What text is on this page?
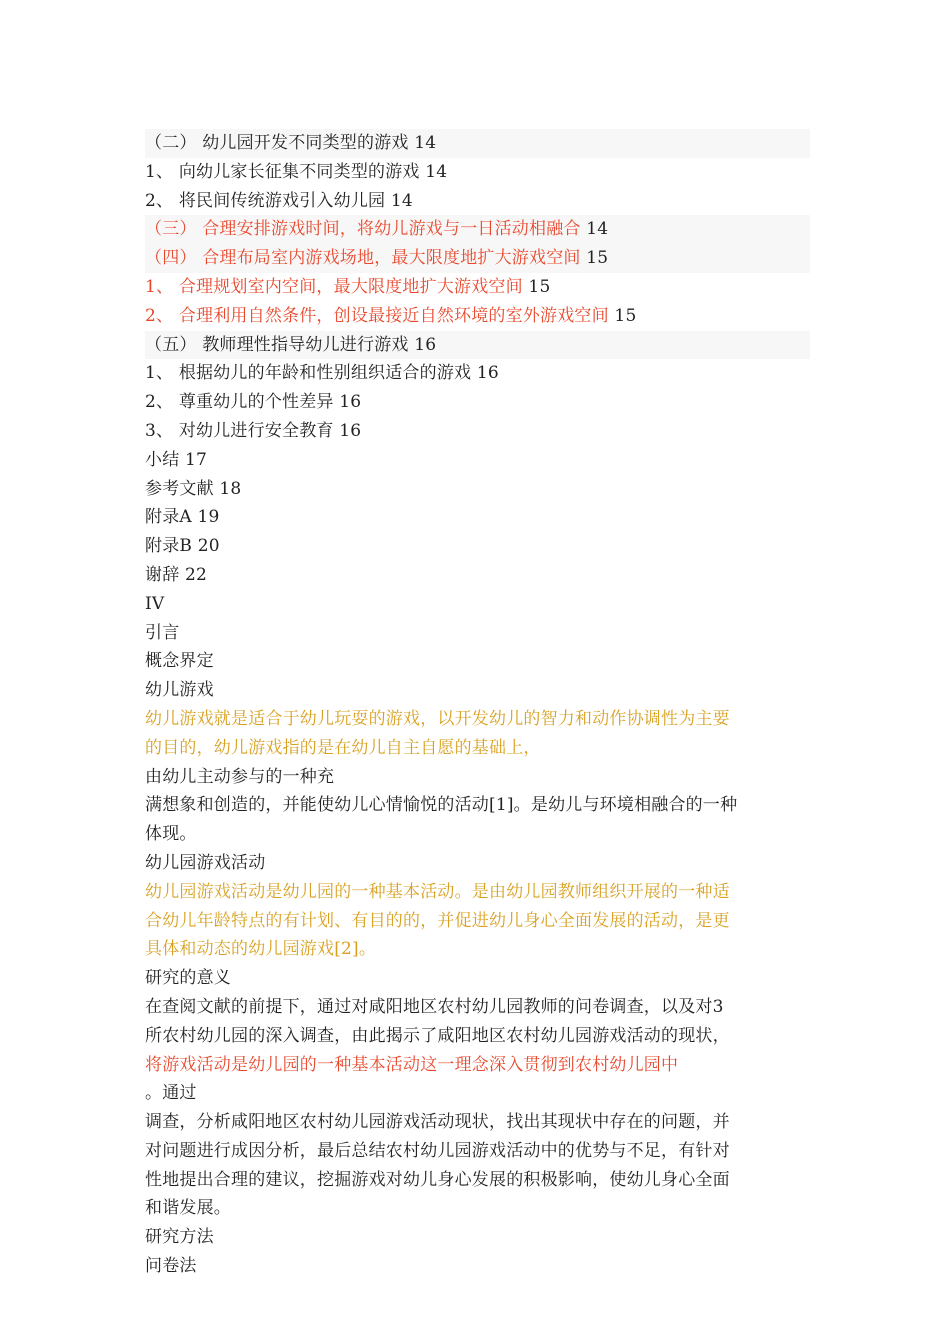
（二） 幼儿园开发不同类型的游戏 14
1、 向幼儿家长征集不同类型的游戏 14
2、 将民间传统游戏引入幼儿园 14
（三） 合理安排游戏时间，将幼儿游戏与一日活动相融合 14
（四） 合理布局室内游戏场地，最大限度地扩大游戏空间 15
1、 合理规划室内空间，最大限度地扩大游戏空间 15
2、 合理利用自然条件，创设最接近自然环境的室外游戏空间 15
（五） 教师理性指导幼儿进行游戏 16
1、 根据幼儿的年龄和性别组织适合的游戏 16
2、 尊重幼儿的个性差异 16
3、 对幼儿进行安全教育 16
小结 17
参考文献 18
附录A 19
附录B 20
谢辞 22
IV
引言
概念界定
幼儿游戏
幼儿游戏就是适合于幼儿玩耍的游戏，以开发幼儿的智力和动作协调性为主要
的目的，幼儿游戏指的是在幼儿自主自愿的基础上，
由幼儿主动参与的一种充
满想象和创造的，并能使幼儿心情愉悦的活动[1]。是幼儿与环境相融合的一种
体现。
幼儿园游戏活动
幼儿园游戏活动是幼儿园的一种基本活动。是由幼儿园教师组织开展的一种适
合幼儿年龄特点的有计划、有目的的，并促进幼儿身心全面发展的活动，是更
具体和动态的幼儿园游戏[2]。
研究的意义
在查阅文献的前提下，通过对咸阳地区农村幼儿园教师的问卷调查，以及对3
所农村幼儿园的深入调查，由此揭示了咸阳地区农村幼儿园游戏活动的现状，
将游戏活动是幼儿园的一种基本活动这一理念深入贯彻到农村幼儿园中
。通过
调查，分析咸阳地区农村幼儿园游戏活动现状，找出其现状中存在的问题，并
对问题进行成因分析，最后总结农村幼儿园游戏活动中的优势与不足，有针对
性地提出合理的建议，挖掘游戏对幼儿身心发展的积极影响，使幼儿身心全面
和谐发展。
研究方法
问卷法
